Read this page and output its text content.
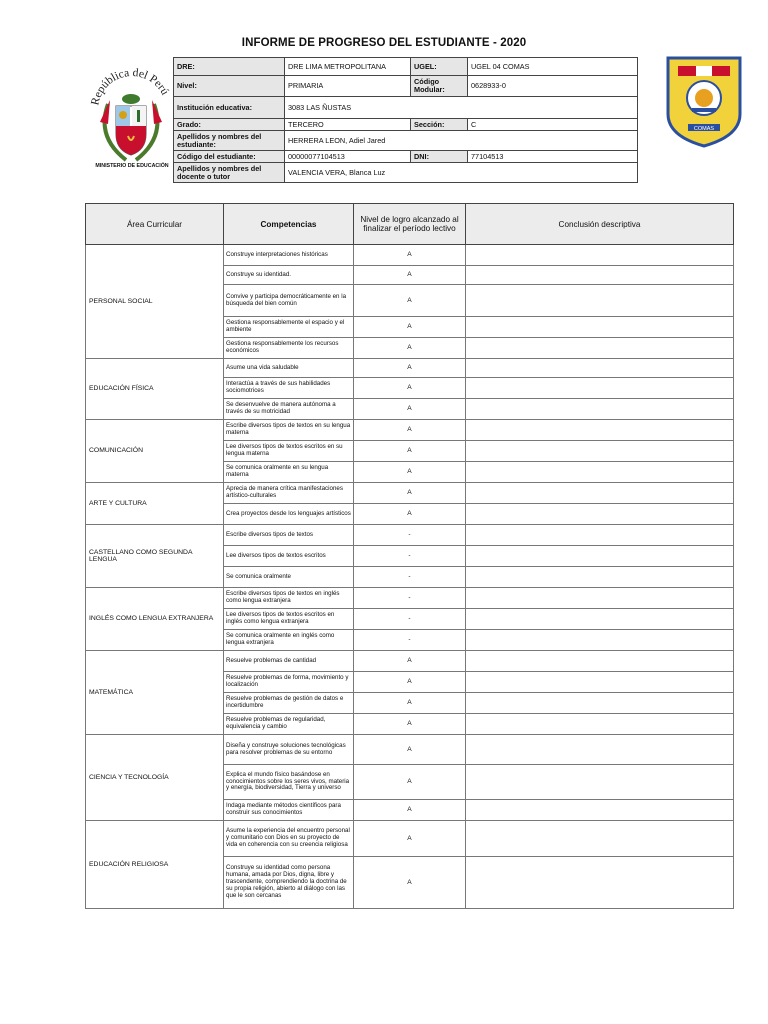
INFORME DE PROGRESO DEL ESTUDIANTE - 2020
República del Perú
MINISTERIO DE EDUCACIÓN
COMAS
DRE:	DRE LIMA METROPOLITANA	UGEL:	UGEL 04 COMAS
Nivel:	PRIMARIA	Código Modular:	0628933-0
Institución educativa:	3083 LAS ÑUSTAS		
Grado:	TERCERO	Sección:	C
Apellidos y nombres del estudiante:	HERRERA LEON, Adiel Jared		
Código del estudiante:	00000077104513	DNI:	77104513
Apellidos y nombres del docente o tutor	VALENCIA VERA, Blanca Luz		
Área Curricular	Competencias	Nivel de logro alcanzado al finalizar el período lectivo	Conclusión descriptiva
PERSONAL SOCIAL	Construye interpretaciones históricas	A	
	Construye su identidad.	A	
	Convive y participa democráticamente en la búsqueda del bien común	A	
	Gestiona responsablemente el espacio y el ambiente	A	
	Gestiona responsablemente los recursos económicos	A	
EDUCACIÓN FÍSICA	Asume una vida saludable	A	
	Interactúa a través de sus habilidades sociomotrices	A	
	Se desenvuelve de manera autónoma a través de su motricidad	A	
COMUNICACIÓN	Escribe diversos tipos de textos en su lengua materna	A	
	Lee diversos tipos de textos escritos en su lengua materna	A	
	Se comunica oralmente en su lengua materna	A	
ARTE Y CULTURA	Aprecia de manera crítica manifestaciones artístico-culturales	A	
	Crea proyectos desde los lenguajes artísticos	A	
CASTELLANO COMO SEGUNDA LENGUA	Escribe diversos tipos de textos	-	
	Lee diversos tipos de textos escritos	-	
	Se comunica oralmente	-	
INGLÉS COMO LENGUA EXTRANJERA	Escribe diversos tipos de textos en inglés como lengua extranjera	-	
	Lee diversos tipos de textos escritos en inglés como lengua extranjera	-	
	Se comunica oralmente en inglés como lengua extranjera	-	
MATEMÁTICA	Resuelve problemas de cantidad	A	
	Resuelve problemas de forma, movimiento y localización	A	
	Resuelve problemas de gestión de datos e incertidumbre	A	
	Resuelve problemas de regularidad, equivalencia y cambio	A	
CIENCIA Y TECNOLOGÍA	Diseña y construye soluciones tecnológicas para resolver problemas de su entorno	A	
	Explica el mundo físico basándose en conocimientos sobre los seres vivos, materia y energía, biodiversidad, Tierra y universo	A	
	Indaga mediante métodos científicos para construir sus conocimientos	A	
EDUCACIÓN RELIGIOSA	Asume la experiencia del encuentro personal y comunitario con Dios en su proyecto de vida en coherencia con su creencia religiosa	A	
	Construye su identidad como persona humana, amada por Dios, digna, libre y trascendente, comprendiendo la doctrina de su propia religión, abierto al diálogo con las que le son cercanas	A	
